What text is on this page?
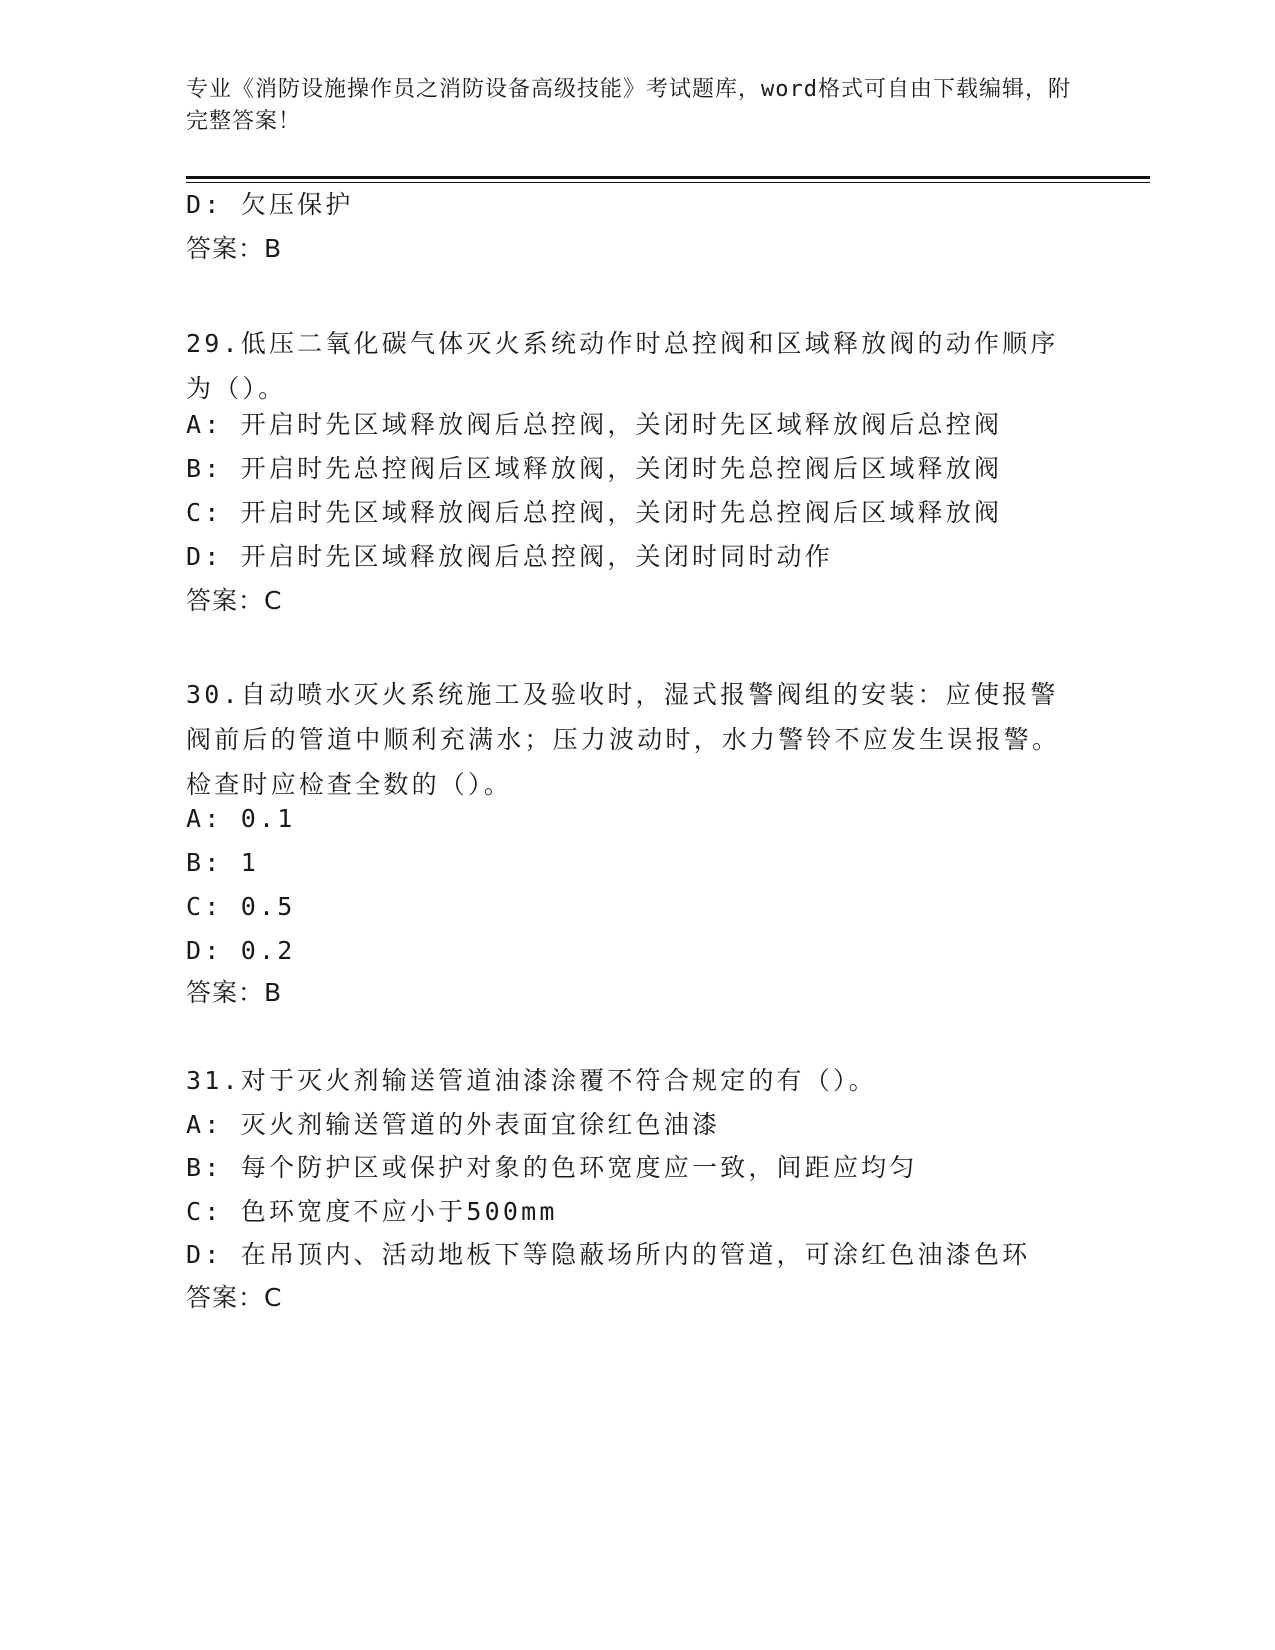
专业《消防设施操作员之消防设备高级技能》考试题库，word格式可自由下载编辑，附完整答案！
D: 欠压保护
答案：B
29.低压二氧化碳气体灭火系统动作时总控阀和区域释放阀的动作顺序为（）。
A: 开启时先区域释放阀后总控阀，关闭时先区域释放阀后总控阀
B: 开启时先总控阀后区域释放阀，关闭时先总控阀后区域释放阀
C: 开启时先区域释放阀后总控阀，关闭时先总控阀后区域释放阀
D: 开启时先区域释放阀后总控阀，关闭时同时动作
答案：C
30.自动喷水灭火系统施工及验收时，湿式报警阀组的安装：应使报警阀前后的管道中顺利充满水；压力波动时，水力警铃不应发生误报警。检查时应检查全数的（）。
A: 0.1
B: 1
C: 0.5
D: 0.2
答案：B
31.对于灭火剂输送管道油漆涂覆不符合规定的有（）。
A: 灭火剂输送管道的外表面宜徐红色油漆
B: 每个防护区或保护对象的色环宽度应一致，间距应均匀
C: 色环宽度不应小于500mm
D: 在吊顶内、活动地板下等隐蔽场所内的管道，可涂红色油漆色环
答案：C
